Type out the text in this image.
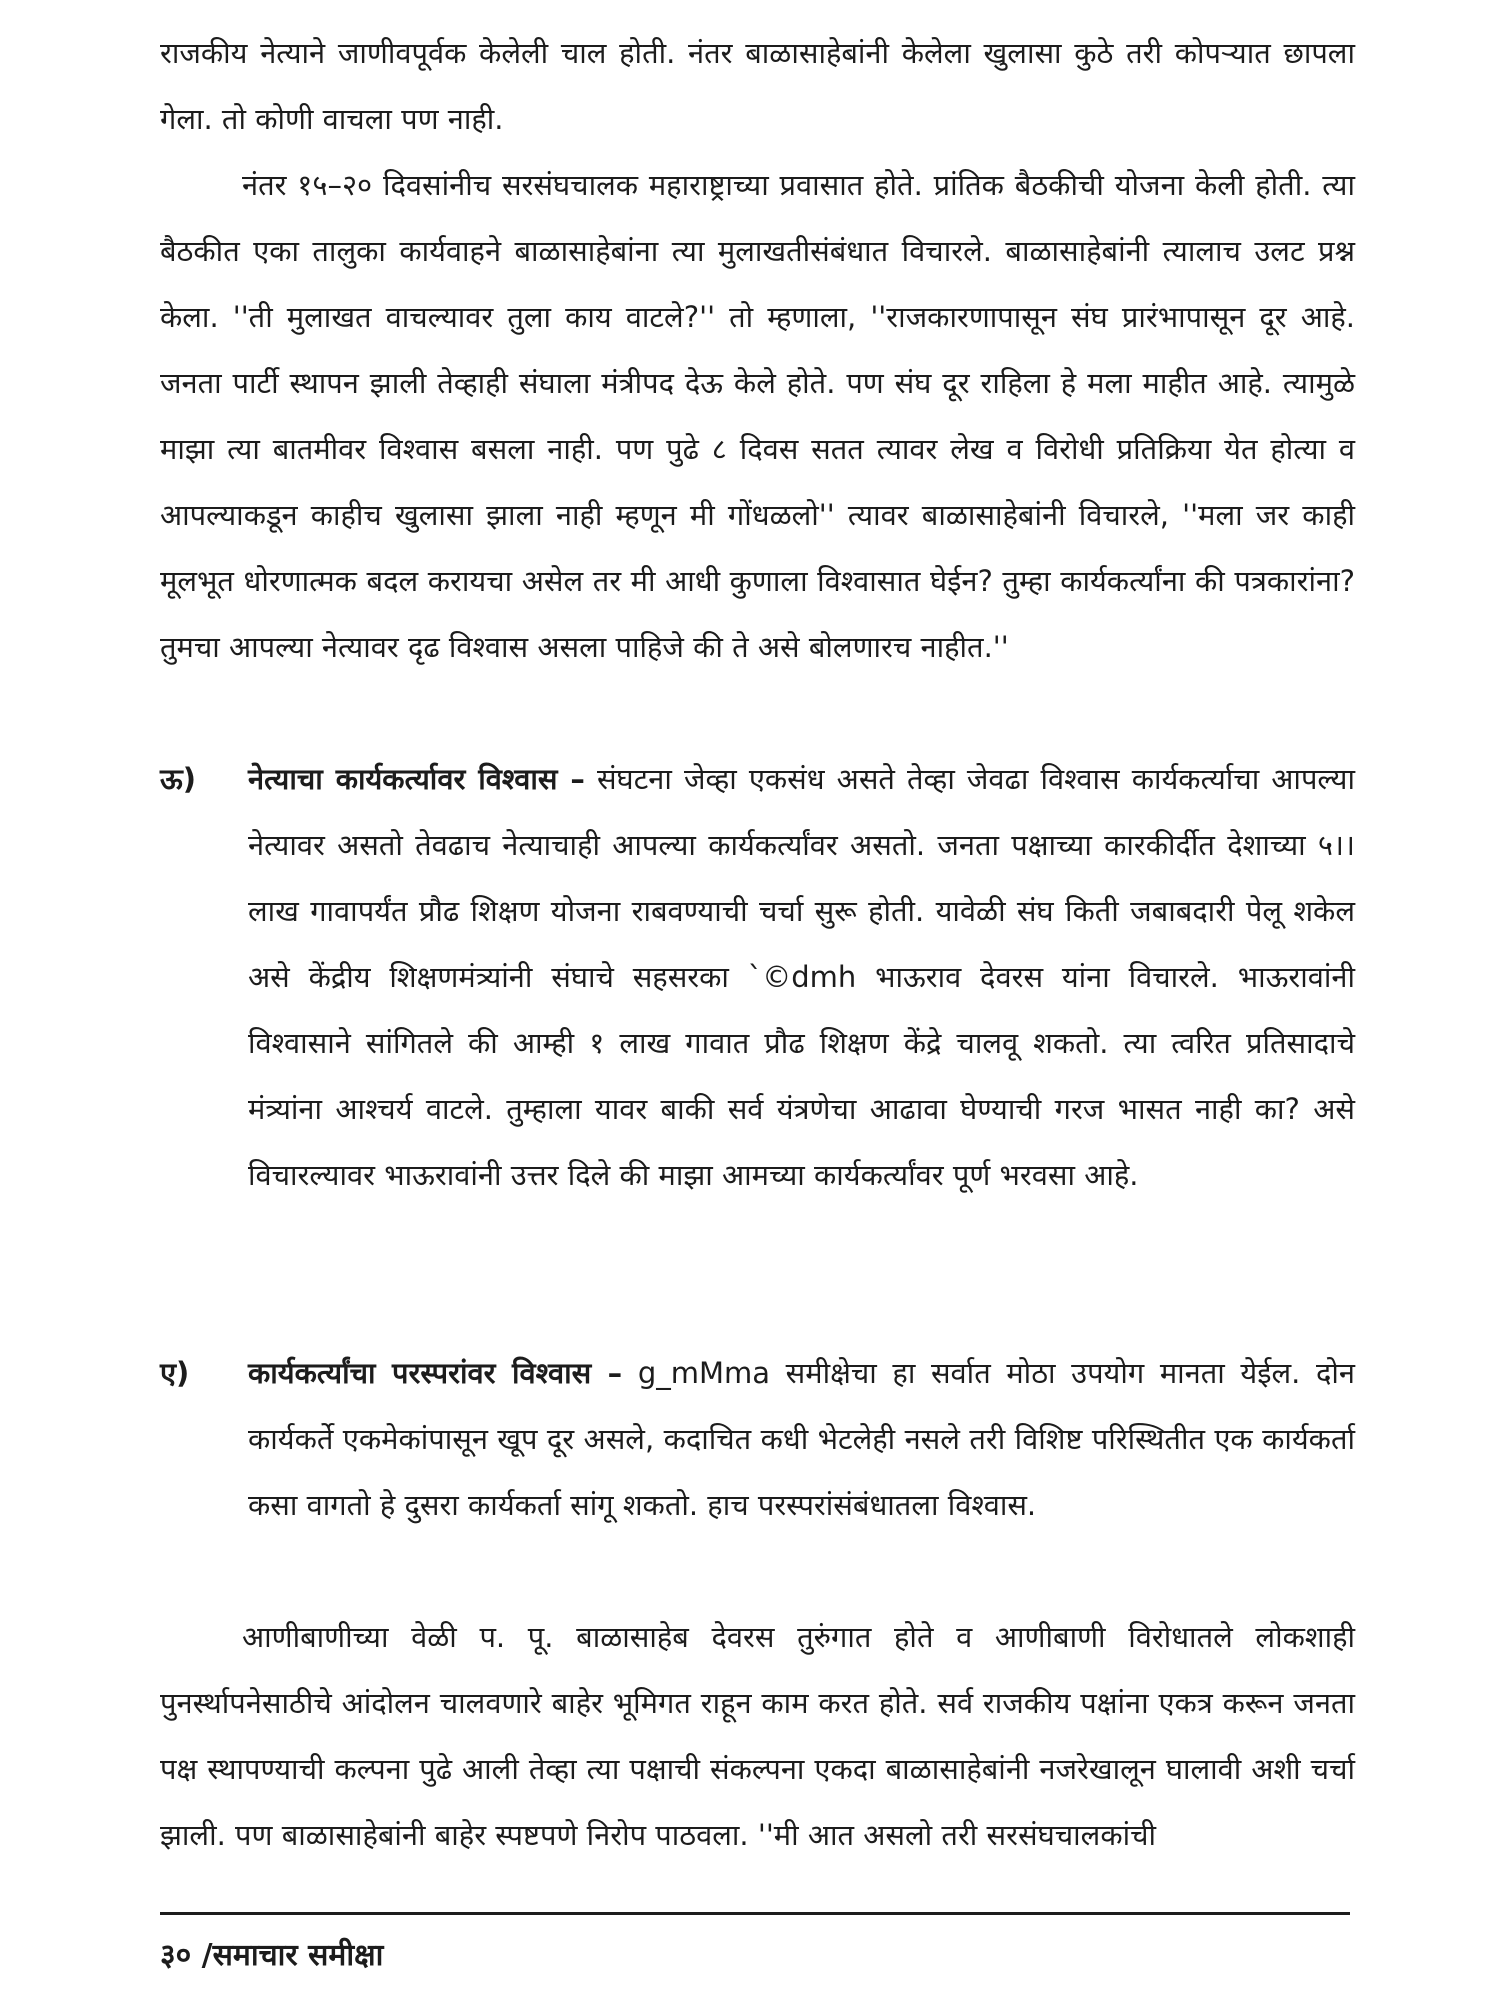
राजकीय नेत्याने जाणीवपूर्वक केलेली चाल होती. नंतर बाळासाहेबांनी केलेला खुलासा कुठे तरी कोपऱ्यात छापला गेला. तो कोणी वाचला पण नाही.

नंतर १५–२० दिवसांनीच सरसंघचालक महाराष्ट्राच्या प्रवासात होते. प्रांतिक बैठकीची योजना केली होती. त्या बैठकीत एका तालुका कार्यवाहने बाळासाहेबांना त्या मुलाखतीसंबंधात विचारले. बाळासाहेबांनी त्यालाच उलट प्रश्न केला. ''ती मुलाखत वाचल्यावर तुला काय वाटले?'' तो म्हणाला, ''राजकारणापासून संघ प्रारंभापासून दूर आहे. जनता पार्टी स्थापन झाली तेव्हाही संघाला मंत्रीपद देऊ केले होते. पण संघ दूर राहिला हे मला माहीत आहे. त्यामुळे माझा त्या बातमीवर विश्वास बसला नाही. पण पुढे ८ दिवस सतत त्यावर लेख व विरोधी प्रतिक्रिया येत होत्या व आपल्याकडून काहीच खुलासा झाला नाही म्हणून मी गोंधळलो'' त्यावर बाळासाहेबांनी विचारले, ''मला जर काही मूलभूत धोरणात्मक बदल करायचा असेल तर मी आधी कुणाला विश्वासात घेईन? तुम्हा कार्यकर्त्यांना की पत्रकारांना? तुमचा आपल्या नेत्यावर दृढ विश्वास असला पाहिजे की ते असे बोलणारच नाहीत.''

ऊ)	नेत्याचा कार्यकर्त्यावर विश्वास – संघटना जेव्हा एकसंध असते तेव्हा जेवढा विश्वास कार्यकर्त्याचा आपल्या नेत्यावर असतो तेवढाच नेत्याचाही आपल्या कार्यकर्त्यांवर असतो. जनता पक्षाच्या कारकीर्दीत देशाच्या ५।। लाख गावापर्यंत प्रौढ शिक्षण योजना राबवण्याची चर्चा सुरू होती. यावेळी संघ किती जबाबदारी पेलू शकेल असे केंद्रीय शिक्षणमंत्र्यांनी संघाचे सहसरका `©dmh भाऊराव देवरस यांना विचारले. भाऊरावांनी विश्वासाने सांगितले की आम्ही १ लाख गावात प्रौढ शिक्षण केंद्रे चालवू शकतो. त्या त्वरित प्रतिसादाचे मंत्र्यांना आश्चर्य वाटले. तुम्हाला यावर बाकी सर्व यंत्रणेचा आढावा घेण्याची गरज भासत नाही का? असे विचारल्यावर भाऊरावांनी उत्तर दिले की माझा आमच्या कार्यकर्त्यांवर पूर्ण भरवसा आहे.
ए)	कार्यकर्त्यांचा परस्परांवर विश्वास – g_mMma समीक्षेचा हा सर्वात मोठा उपयोग मानता येईल. दोन कार्यकर्ते एकमेकांपासून खूप दूर असले, कदाचित कधी भेटलेही नसले तरी विशिष्ट परिस्थितीत एक कार्यकर्ता कसा वागतो हे दुसरा कार्यकर्ता सांगू शकतो. हाच परस्परांसंबंधातला विश्वास.

आणीबाणीच्या वेळी प. पू. बाळासाहेब देवरस तुरुंगात होते व आणीबाणी विरोधातले लोकशाही पुनर्स्थापनेसाठीचे आंदोलन चालवणारे बाहेर भूमिगत राहून काम करत होते. सर्व राजकीय पक्षांना एकत्र करून जनता पक्ष स्थापण्याची कल्पना पुढे आली तेव्हा त्या पक्षाची संकल्पना एकदा बाळासाहेबांनी नजरेखालून घालावी अशी चर्चा झाली. पण बाळासाहेबांनी बाहेर स्पष्टपणे निरोप पाठवला. ''मी आत असलो तरी सरसंघचालकांची

३० /समाचार समीक्षा
